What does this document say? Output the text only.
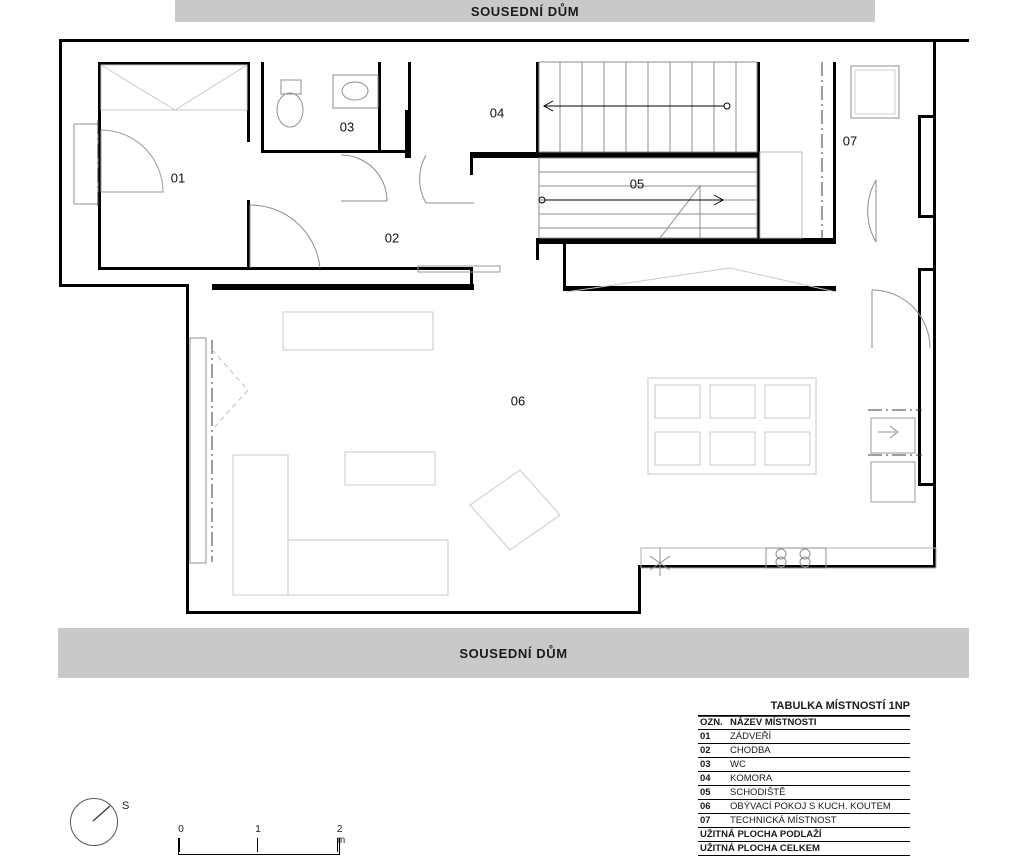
SOUSEDNÍ DŮM
SOUSEDNÍ DŮM
01
02
03
04
05
06
07
TABULKA MÍSTNOSTÍ 1NP
OZN.	NÁZEV MÍSTNOSTI
01	ZÁDVEŘÍ
02	CHODBA
03	WC
04	KOMORA
05	SCHODIŠTĚ
06	OBÝVACÍ POKOJ S KUCH. KOUTEM
07	TECHNICKÁ MÍSTNOST
UŽITNÁ PLOCHA PODLAŽÍ
UŽITNÁ PLOCHA CELKEM
S
0	1	2 m
